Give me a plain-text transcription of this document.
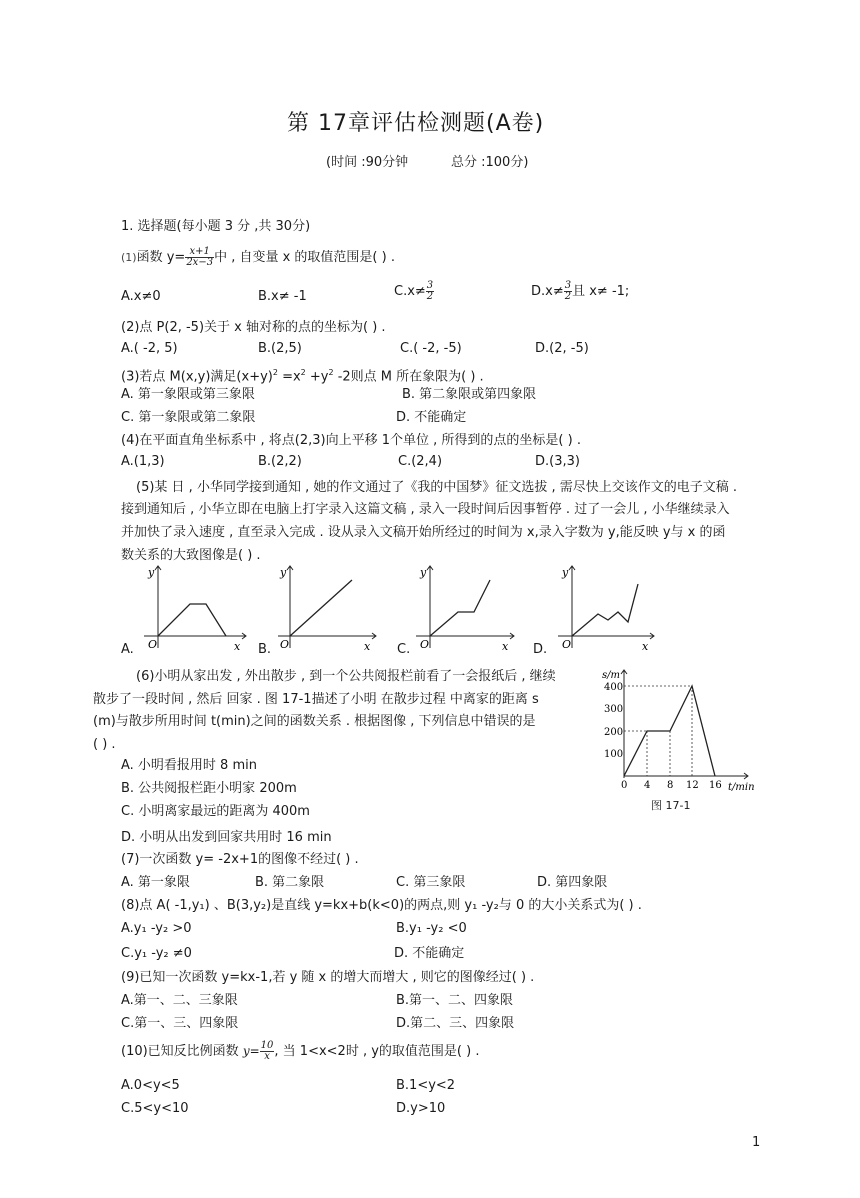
第 17章评估检测题(A卷)
(时间 :90分钟	总分 :100分)
1. 选择题(每小题 3 分 ,共 30分)
(1)函数 $y= \frac{x+1}{2x-3}$ 中 , 自变量 x 的取值范围是( ) .
A.x≠0	B.x≠ -1	$C.x\ne \frac{3}{2}$	$D.x\ne \frac{3}{2}$ 且 x≠ -1;
(2)点 P(2, -5)关于 x 轴对称的点的坐标为( ) .
A.( -2, 5)	B.(2,5)	C.( -2, -5)	D.(2, -5)
(3)若点 M(x,y)满足$(x+y)^2 =x^2 +y^2$ -2则点 M 所在象限为( ) .
A. 第一象限或第三象限	B. 第二象限或第四象限
C. 第一象限或第二象限	D. 不能确定
(4)在平面直角坐标系中 , 将点(2,3)向上平移 1个单位 , 所得到的点的坐标是( ) .
A.(1,3)	B.(2,2)	C.(2,4)	D.(3,3)
(5)某 日 , 小华同学接到通知 , 她的作文通过了《我的中国梦》征文选拔 , 需尽快上交该作文的电子文稿 .
接到通知后 , 小华立即在电脑上打字录入这篇文稿 , 录入一段时间后因事暂停 . 过了一会儿 , 小华继续录入
并加快了录入速度 , 直至录入完成 . 设从录入文稿开始所经过的时间为 x,录入字数为 y,能反映 y与 x 的函
数关系的大致图像是( ) .
y
x
O
y
x
O
y
x
O
y
x
O
A.	B.	C.	D.
(6)小明从家出发 , 外出散步 , 到一个公共阅报栏前看了一会报纸后 , 继续
散步了一段时间 , 然后 回家 . 图 17-1描述了小明 在散步过程 中离家的距离 s
(m)与散步所用时间 t(min)之间的函数关系 . 根据图像 , 下列信息中错误的是
( ) .
A. 小明看报用时 8 min
B. 公共阅报栏距小明家 200m
C. 小明离家最远的距离为 400m
D. 小明从出发到回家共用时 16 min
s/m
t/min
100
200
300
400
0 4 8 12 16
图 17-1
(7)一次函数 y= -2x+1的图像不经过( ) .
A. 第一象限	B. 第二象限	C. 第三象限	D. 第四象限
(8)点 A( -1,y₁) 、B(3,y₂)是直线 y=kx+b(k<0)的两点,则 y₁ -y₂与 0 的大小关系式为( ) .
A.y₁ -y₂ >0	B.y₁ -y₂ <0
C.y₁ -y₂ ≠0	D. 不能确定
(9)已知一次函数 y=kx-1,若 y 随 x 的增大而增大 , 则它的图像经过( ) .
A.第一、二、三象限	B.第一、二、四象限
C.第一、三、四象限	D.第二、三、四象限
(10)已知反比例函数 $y= \frac{10}{x}$ , 当 1<x<2时 , y的取值范围是( ) .
A.0<y<5	B.1<y<2
C.5<y<10	D.y>10
1
